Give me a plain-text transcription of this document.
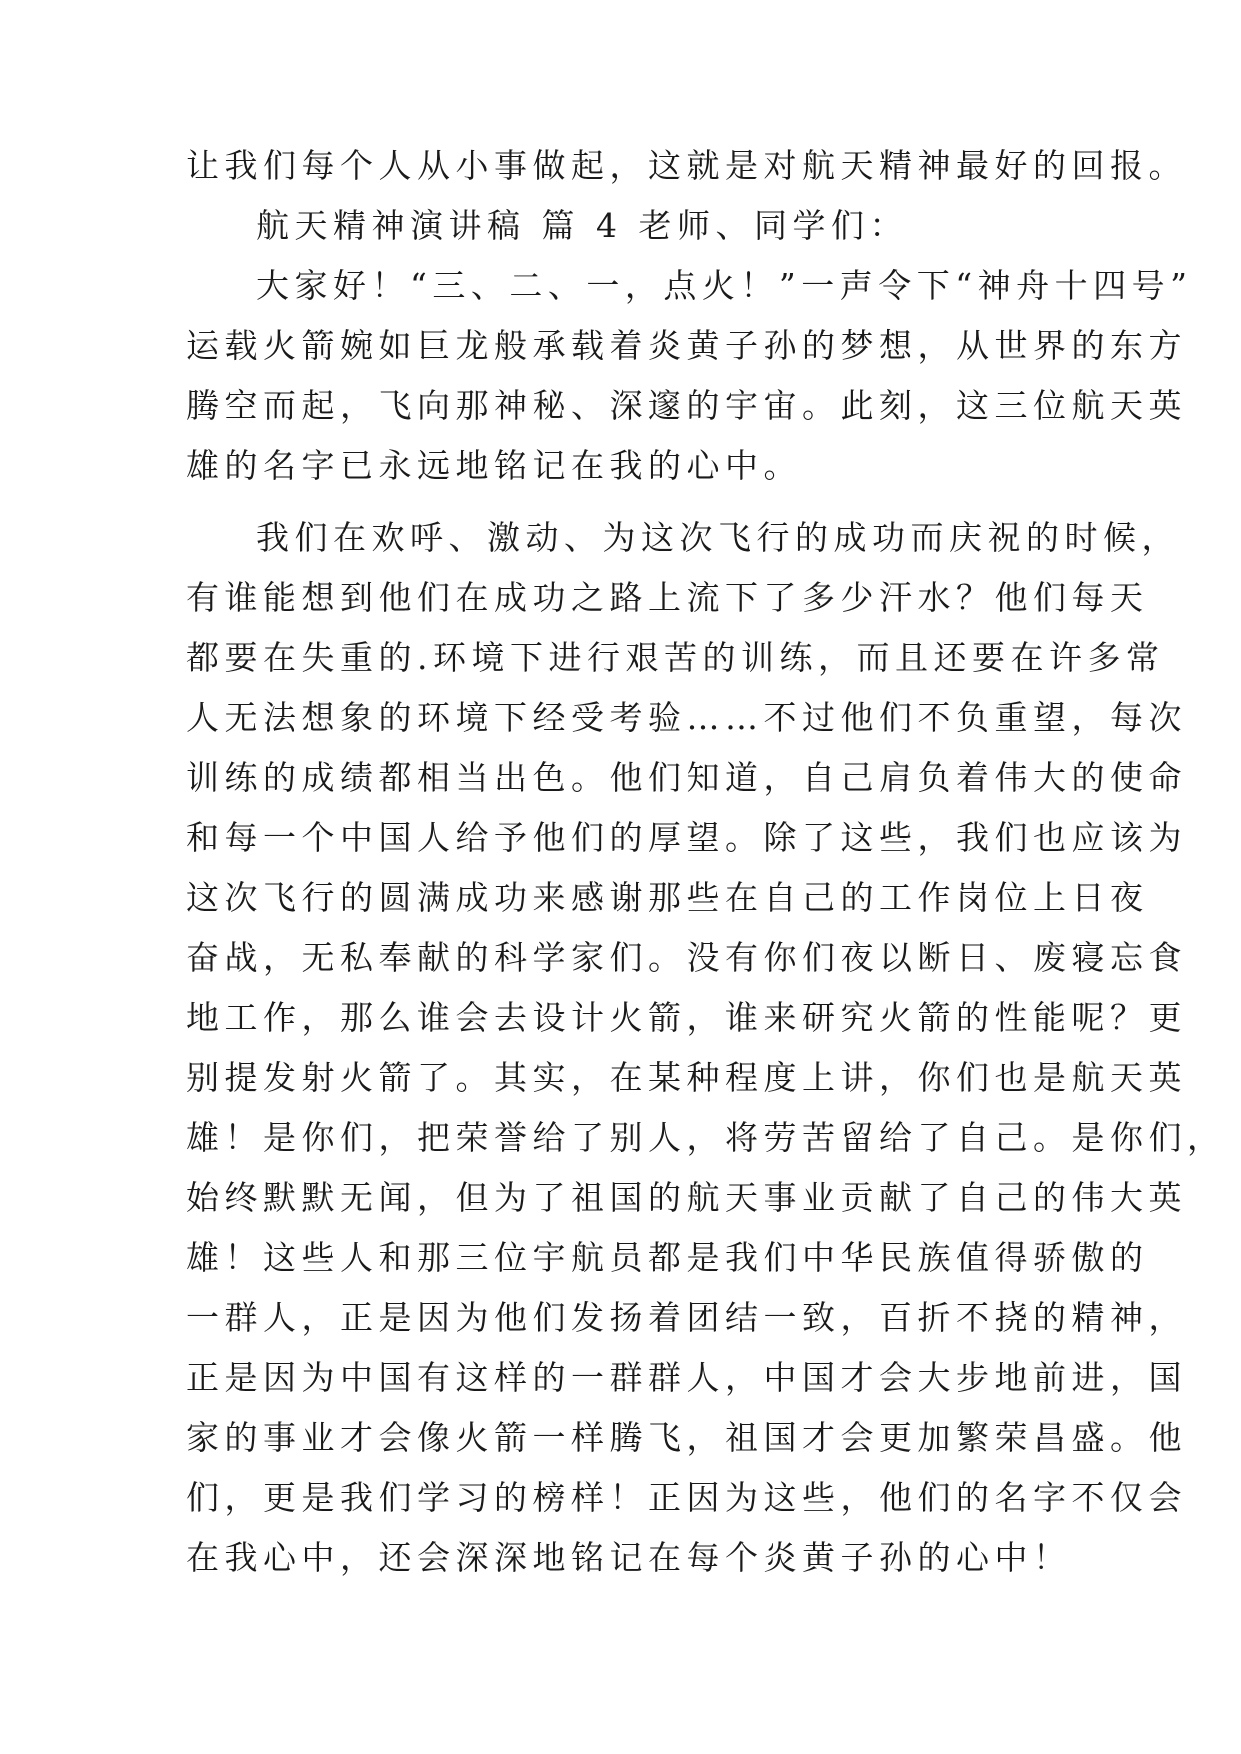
让我们每个人从小事做起，这就是对航天精神最好的回报。
航天精神演讲稿 篇 4 老师、同学们：
大家好！“三、二、一，点火！”一声令下“神舟十四号”
运载火箭婉如巨龙般承载着炎黄子孙的梦想，从世界的东方
腾空而起，飞向那神秘、深邃的宇宙。此刻，这三位航天英
雄的名字已永远地铭记在我的心中。
我们在欢呼、激动、为这次飞行的成功而庆祝的时候，
有谁能想到他们在成功之路上流下了多少汗水？他们每天
都要在失重的.环境下进行艰苦的训练，而且还要在许多常
人无法想象的环境下经受考验……不过他们不负重望，每次
训练的成绩都相当出色。他们知道，自己肩负着伟大的使命
和每一个中国人给予他们的厚望。除了这些，我们也应该为
这次飞行的圆满成功来感谢那些在自己的工作岗位上日夜
奋战，无私奉献的科学家们。没有你们夜以断日、废寝忘食
地工作，那么谁会去设计火箭，谁来研究火箭的性能呢？更
别提发射火箭了。其实，在某种程度上讲，你们也是航天英
雄！是你们，把荣誉给了别人，将劳苦留给了自己。是你们，
始终默默无闻，但为了祖国的航天事业贡献了自己的伟大英
雄！这些人和那三位宇航员都是我们中华民族值得骄傲的
一群人，正是因为他们发扬着团结一致，百折不挠的精神，
正是因为中国有这样的一群群人，中国才会大步地前进，国
家的事业才会像火箭一样腾飞，祖国才会更加繁荣昌盛。他
们，更是我们学习的榜样！正因为这些，他们的名字不仅会
在我心中，还会深深地铭记在每个炎黄子孙的心中！
